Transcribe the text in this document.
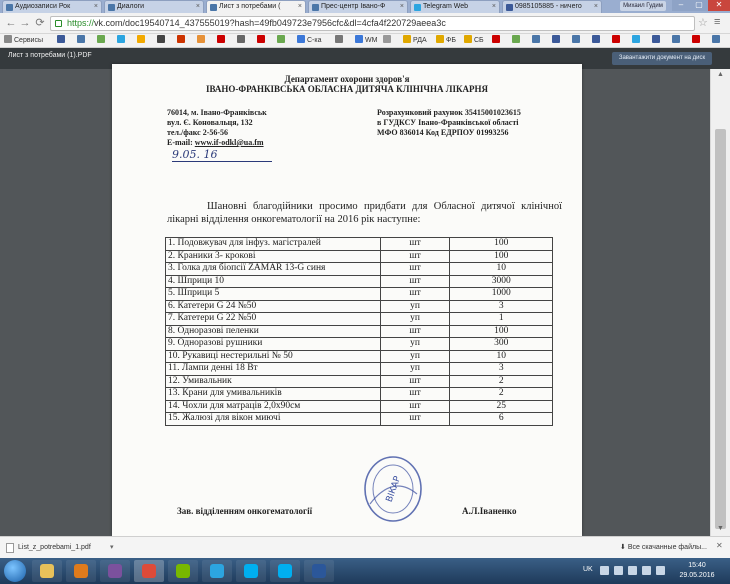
Аудиозаписи Рок	×	Диалоги	×	Лист з потребами ( ×	Прес-центр Івано-Ф ×	Telegram Web	×	0985105885 - ничего ×	Михаил Гудим	–	▢	✕
← → ⟳	https://vk.com/doc19540714_437555019?hash=49fb049723e7956cfc&dl=4cfa4f220729aeea3c	☆ ≡
Сервисы	С-ка	WM	РДА	ФБ	СБ
Лист з потребами (1).PDF	Завантажити документ на диск
Департамент охорони здоров'я
ІВАНО-ФРАНКІВСЬКА ОБЛАСНА ДИТЯЧА КЛІНІЧНА ЛІКАРНЯ
76014, м. Івано-Франківськ
вул. Є. Коновальця, 132
тел./факс 2-56-56
E-mail: www.if-odkl@ua.fm
9.05. 16
Розрахунковий рахунок 35415001023615
в ГУДКСУ Івано-Франківської області
МФО 836014 Код ЕДРПОУ 01993256
Шановні благодійники просимо придбати для Обласної дитячої клінічної лікарні відділення онкогематології на 2016 рік наступне:
1. Подовжувач для інфуз. магістралей	шт	100
2. Краники 3- крокові	шт	100
3. Голка для біопсії ZAMAR 13-G синя	шт	10
4. Шприци 10	шт	3000
5. Шприци 5	шт	1000
6. Катетери G 24 №50	уп	3
7. Катетери G 22 №50	уп	1
8. Одноразові пеленки	шт	100
9. Одноразові рушники	уп	300
10. Рукавиці нестерильні № 50	уп	10
11. Лампи денні 18 Вт	уп	3
12. Умивальник	шт	2
13. Крани для умивальників	шт	2
14. Чохли для матраців 2,0х90см	шт	25
15. Жалюзі для вікон миючі	шт	6
ВІКАР
Зав. відділенням онкогематології	А.Л.Іваненко
▲
▼
List_z_potrebami_1.pdf	▾	⬇ Все скачанные файлы... ✕
UK
15:40
29.05.2016
